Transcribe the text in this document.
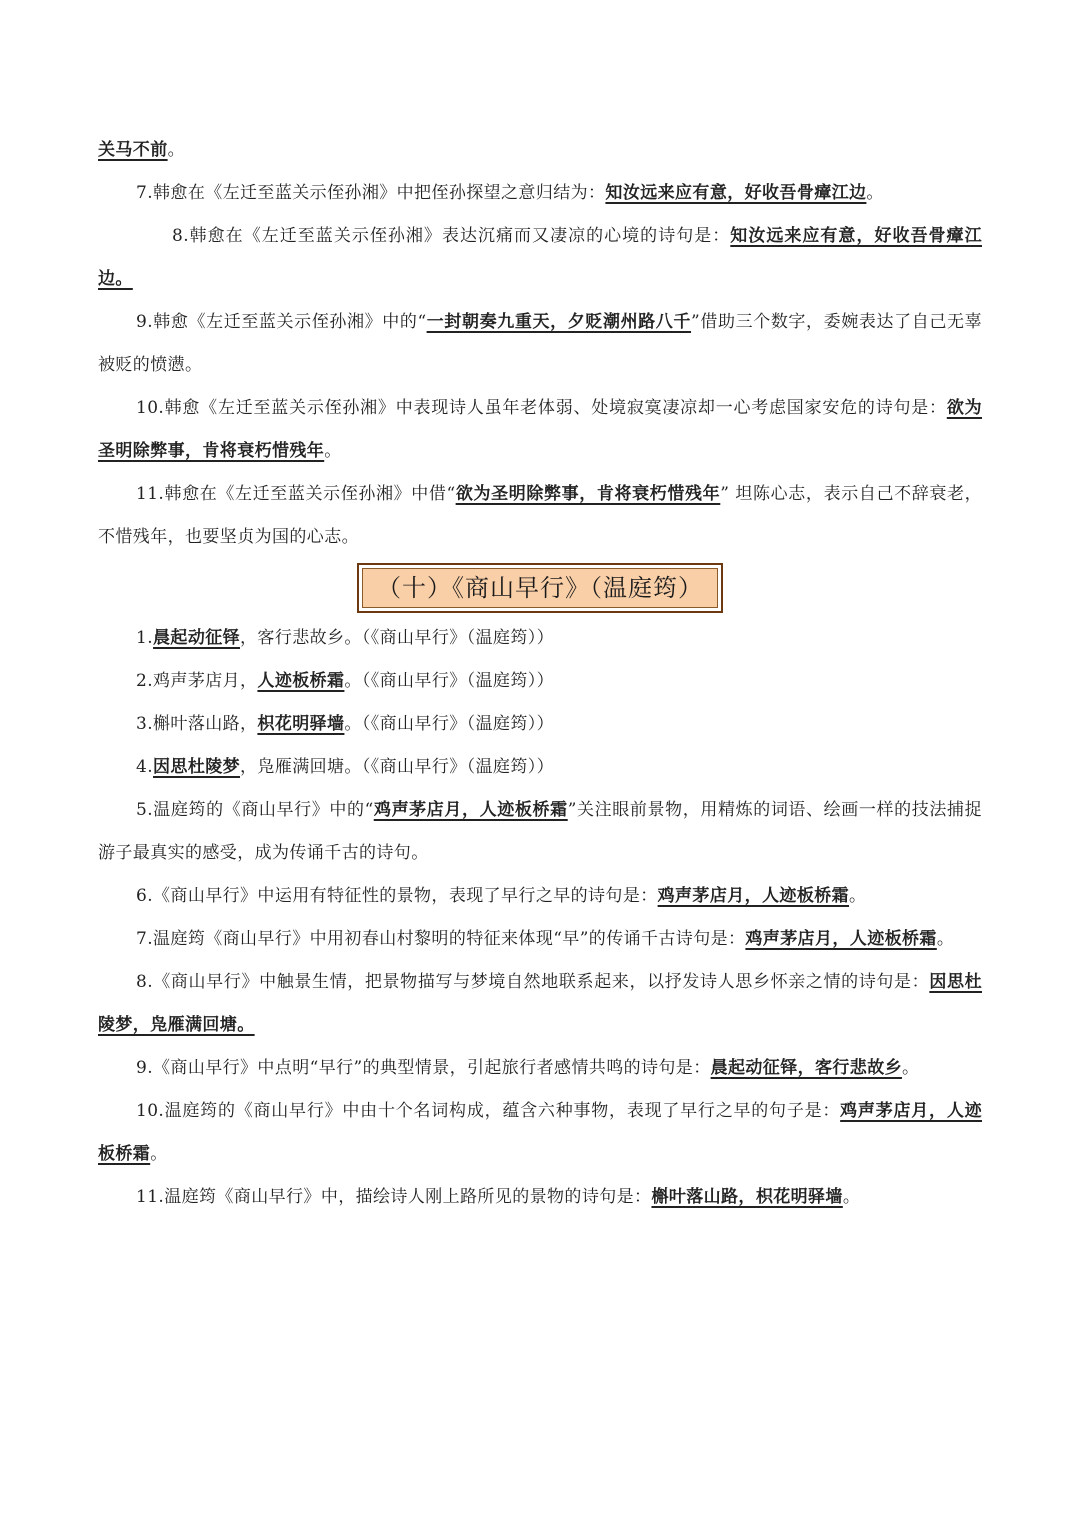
关马不前。

7.韩愈在《左迁至蓝关示侄孙湘》中把侄孙探望之意归结为：知汝远来应有意，好收吾骨瘴江边。

8.韩愈在《左迁至蓝关示侄孙湘》表达沉痛而又凄凉的心境的诗句是：知汝远来应有意，好收吾骨瘴江边。

9.韩愈《左迁至蓝关示侄孙湘》中的“一封朝奏九重天，夕贬潮州路八千”借助三个数字，委婉表达了自己无辜被贬的愤懑。

10.韩愈《左迁至蓝关示侄孙湘》中表现诗人虽年老体弱、处境寂寞凄凉却一心考虑国家安危的诗句是：欲为圣明除弊事，肯将衰朽惜残年。

11.韩愈在《左迁至蓝关示侄孙湘》中借“欲为圣明除弊事，肯将衰朽惜残年” 坦陈心志，表示自己不辞衰老，不惜残年，也要坚贞为国的心志。

（十）《商山早行》（温庭筠）

1.晨起动征铎，客行悲故乡。（《商山早行》（温庭筠））

2.鸡声茅店月，人迹板桥霜。（《商山早行》（温庭筠））

3.槲叶落山路，枳花明驿墙。（《商山早行》（温庭筠））

4.因思杜陵梦，凫雁满回塘。（《商山早行》（温庭筠））

5.温庭筠的《商山早行》中的“鸡声茅店月，人迹板桥霜”关注眼前景物，用精炼的词语、绘画一样的技法捕捉游子最真实的感受，成为传诵千古的诗句。

6.《商山早行》中运用有特征性的景物，表现了早行之早的诗句是：鸡声茅店月，人迹板桥霜。

7.温庭筠《商山早行》中用初春山村黎明的特征来体现“早”的传诵千古诗句是：鸡声茅店月，人迹板桥霜。

8.《商山早行》中触景生情，把景物描写与梦境自然地联系起来，以抒发诗人思乡怀亲之情的诗句是：因思杜陵梦，凫雁满回塘。

9.《商山早行》中点明“早行”的典型情景，引起旅行者感情共鸣的诗句是：晨起动征铎，客行悲故乡。

10.温庭筠的《商山早行》中由十个名词构成，蕴含六种事物，表现了早行之早的句子是：鸡声茅店月，人迹板桥霜。

11.温庭筠《商山早行》中，描绘诗人刚上路所见的景物的诗句是：槲叶落山路，枳花明驿墙。
